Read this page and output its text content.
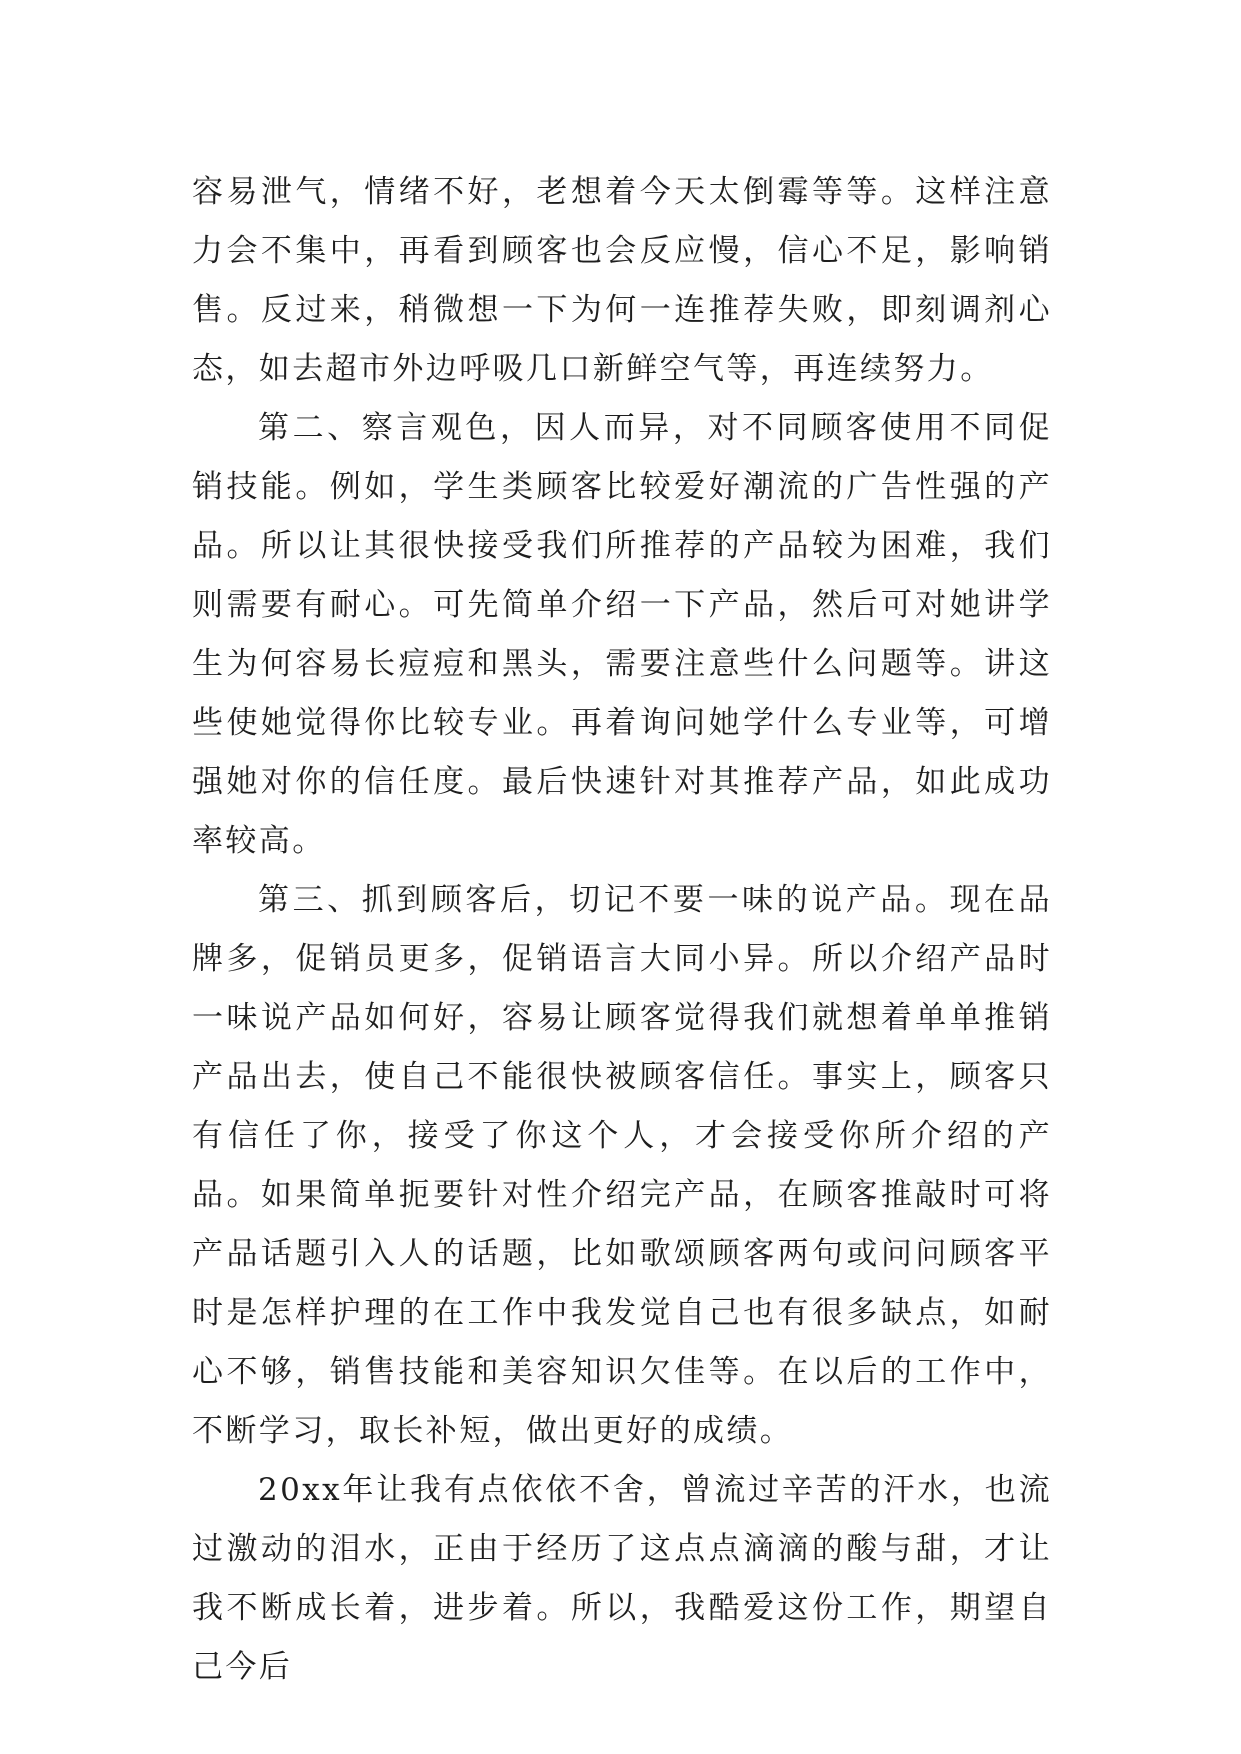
容易泄气，情绪不好，老想着今天太倒霉等等。这样注意力会不集中，再看到顾客也会反应慢，信心不足，影响销售。反过来，稍微想一下为何一连推荐失败，即刻调剂心态，如去超市外边呼吸几口新鲜空气等，再连续努力。

第二、察言观色，因人而异，对不同顾客使用不同促销技能。例如，学生类顾客比较爱好潮流的广告性强的产品。所以让其很快接受我们所推荐的产品较为困难，我们则需要有耐心。可先简单介绍一下产品，然后可对她讲学生为何容易长痘痘和黑头，需要注意些什么问题等。讲这些使她觉得你比较专业。再着询问她学什么专业等，可增强她对你的信任度。最后快速针对其推荐产品，如此成功率较高。

第三、抓到顾客后，切记不要一味的说产品。现在品牌多，促销员更多，促销语言大同小异。所以介绍产品时一味说产品如何好，容易让顾客觉得我们就想着单单推销产品出去，使自己不能很快被顾客信任。事实上，顾客只有信任了你，接受了你这个人，才会接受你所介绍的产品。如果简单扼要针对性介绍完产品，在顾客推敲时可将产品话题引入人的话题，比如歌颂顾客两句或问问顾客平时是怎样护理的在工作中我发觉自己也有很多缺点，如耐心不够，销售技能和美容知识欠佳等。在以后的工作中，不断学习，取长补短，做出更好的成绩。

20xx年让我有点依依不舍，曾流过辛苦的汗水，也流过激动的泪水，正由于经历了这点点滴滴的酸与甜，才让我不断成长着，进步着。所以，我酷爱这份工作，期望自己今后
